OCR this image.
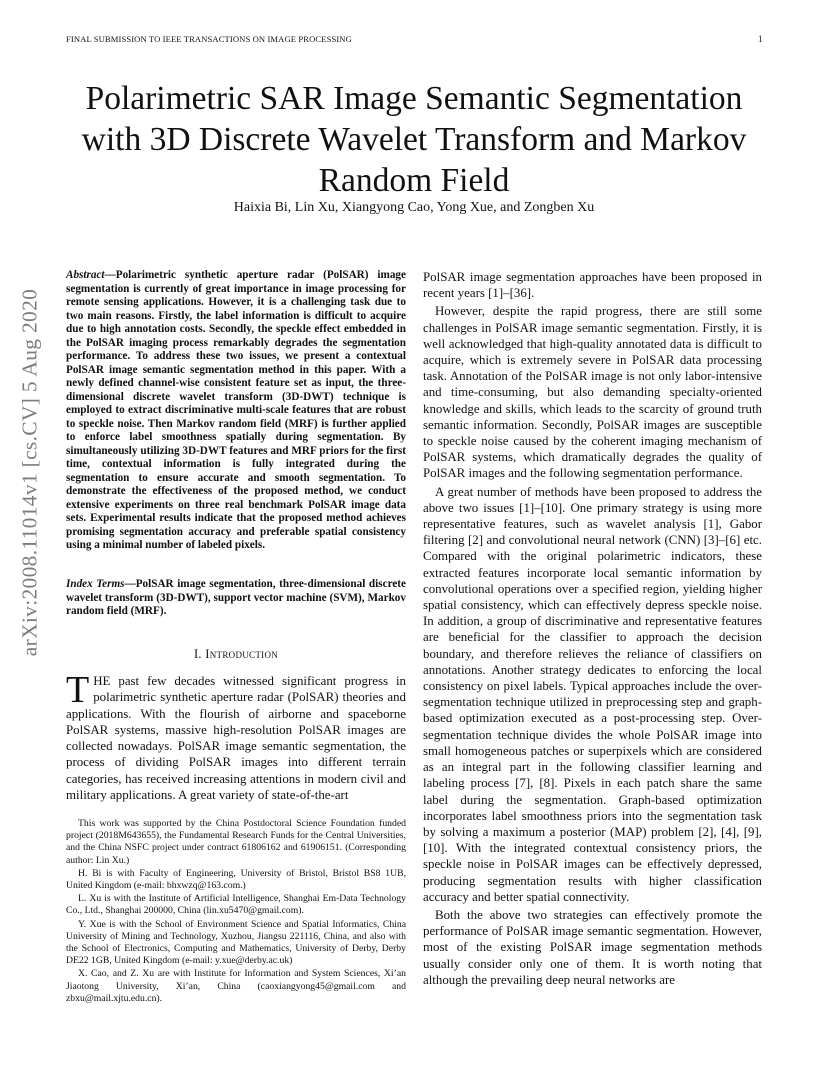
FINAL SUBMISSION TO IEEE TRANSACTIONS ON IMAGE PROCESSING	1
Polarimetric SAR Image Semantic Segmentation
with 3D Discrete Wavelet Transform and Markov
Random Field
Haixia Bi, Lin Xu, Xiangyong Cao, Yong Xue, and Zongben Xu
arXiv:2008.11014v1 [cs.CV] 5 Aug 2020
Abstract—Polarimetric synthetic aperture radar (PolSAR) image segmentation is currently of great importance in image processing for remote sensing applications. However, it is a challenging task due to two main reasons. Firstly, the label information is difficult to acquire due to high annotation costs. Secondly, the speckle effect embedded in the PolSAR imaging process remarkably degrades the segmentation performance. To address these two issues, we present a contextual PolSAR image semantic segmentation method in this paper. With a newly defined channel-wise consistent feature set as input, the three-dimensional discrete wavelet transform (3D-DWT) technique is employed to extract discriminative multi-scale features that are robust to speckle noise. Then Markov random field (MRF) is further applied to enforce label smoothness spatially during segmentation. By simultaneously utilizing 3D-DWT features and MRF priors for the first time, contextual information is fully integrated during the segmentation to ensure accurate and smooth segmentation. To demonstrate the effectiveness of the proposed method, we conduct extensive experiments on three real benchmark PolSAR image data sets. Experimental results indicate that the proposed method achieves promising segmentation accuracy and preferable spatial consistency using a minimal number of labeled pixels.
Index Terms—PolSAR image segmentation, three-dimensional discrete wavelet transform (3D-DWT), support vector machine (SVM), Markov random field (MRF).
I. Introduction
THE past few decades witnessed significant progress in polarimetric synthetic aperture radar (PolSAR) theories and applications. With the flourish of airborne and spaceborne PolSAR systems, massive high-resolution PolSAR images are collected nowadays. PolSAR image semantic segmentation, the process of dividing PolSAR images into different terrain categories, has received increasing attentions in modern civil and military applications. A great variety of state-of-the-art

This work was supported by the China Postdoctoral Science Foundation funded project (2018M643655), the Fundamental Research Funds for the Central Universities, and the China NSFC project under contract 61806162 and 61906151. (Corresponding author: Lin Xu.)

H. Bi is with Faculty of Engineering, University of Bristol, Bristol BS8 1UB, United Kingdom (e-mail: bhxwzq@163.com.)

L. Xu is with the Institute of Artificial Intelligence, Shanghai Em-Data Technology Co., Ltd., Shanghai 200000, China (lin.xu5470@gmail.com).

Y. Xue is with the School of Environment Science and Spatial Informatics, China University of Mining and Technology, Xuzhou, Jiangsu 221116, China, and also with the School of Electronics, Computing and Mathematics, University of Derby, Derby DE22 1GB, United Kingdom (e-mail: y.xue@derby.ac.uk)

X. Cao, and Z. Xu are with Institute for Information and System Sciences, Xi’an Jiaotong University, Xi’an, China (caoxiangyong45@gmail.com and zbxu@mail.xjtu.edu.cn).

PolSAR image segmentation approaches have been proposed in recent years [1]–[36].

However, despite the rapid progress, there are still some challenges in PolSAR image semantic segmentation. Firstly, it is well acknowledged that high-quality annotated data is difficult to acquire, which is extremely severe in PolSAR data processing task. Annotation of the PolSAR image is not only labor-intensive and time-consuming, but also demanding specialty-oriented knowledge and skills, which leads to the scarcity of ground truth semantic information. Secondly, PolSAR images are susceptible to speckle noise caused by the coherent imaging mechanism of PolSAR systems, which dramatically degrades the quality of PolSAR images and the following segmentation performance.

A great number of methods have been proposed to address the above two issues [1]–[10]. One primary strategy is using more representative features, such as wavelet analysis [1], Gabor filtering [2] and convolutional neural network (CNN) [3]–[6] etc. Compared with the original polarimetric indicators, these extracted features incorporate local semantic information by convolutional operations over a specified region, yielding higher spatial consistency, which can effectively depress speckle noise. In addition, a group of discriminative and representative features are beneficial for the classifier to approach the decision boundary, and therefore relieves the reliance of classifiers on annotations. Another strategy dedicates to enforcing the local consistency on pixel labels. Typical approaches include the over-segmentation technique utilized in preprocessing step and graph-based optimization executed as a post-processing step. Over-segmentation technique divides the whole PolSAR image into small homogeneous patches or superpixels which are considered as an integral part in the following classifier learning and labeling process [7], [8]. Pixels in each patch share the same label during the segmentation. Graph-based optimization incorporates label smoothness priors into the segmentation task by solving a maximum a posterior (MAP) problem [2], [4], [9], [10]. With the integrated contextual consistency priors, the speckle noise in PolSAR images can be effectively depressed, producing segmentation results with higher classification accuracy and better spatial connectivity.

Both the above two strategies can effectively promote the performance of PolSAR image semantic segmentation. However, most of the existing PolSAR image segmentation methods usually consider only one of them. It is worth noting that although the prevailing deep neural networks are
